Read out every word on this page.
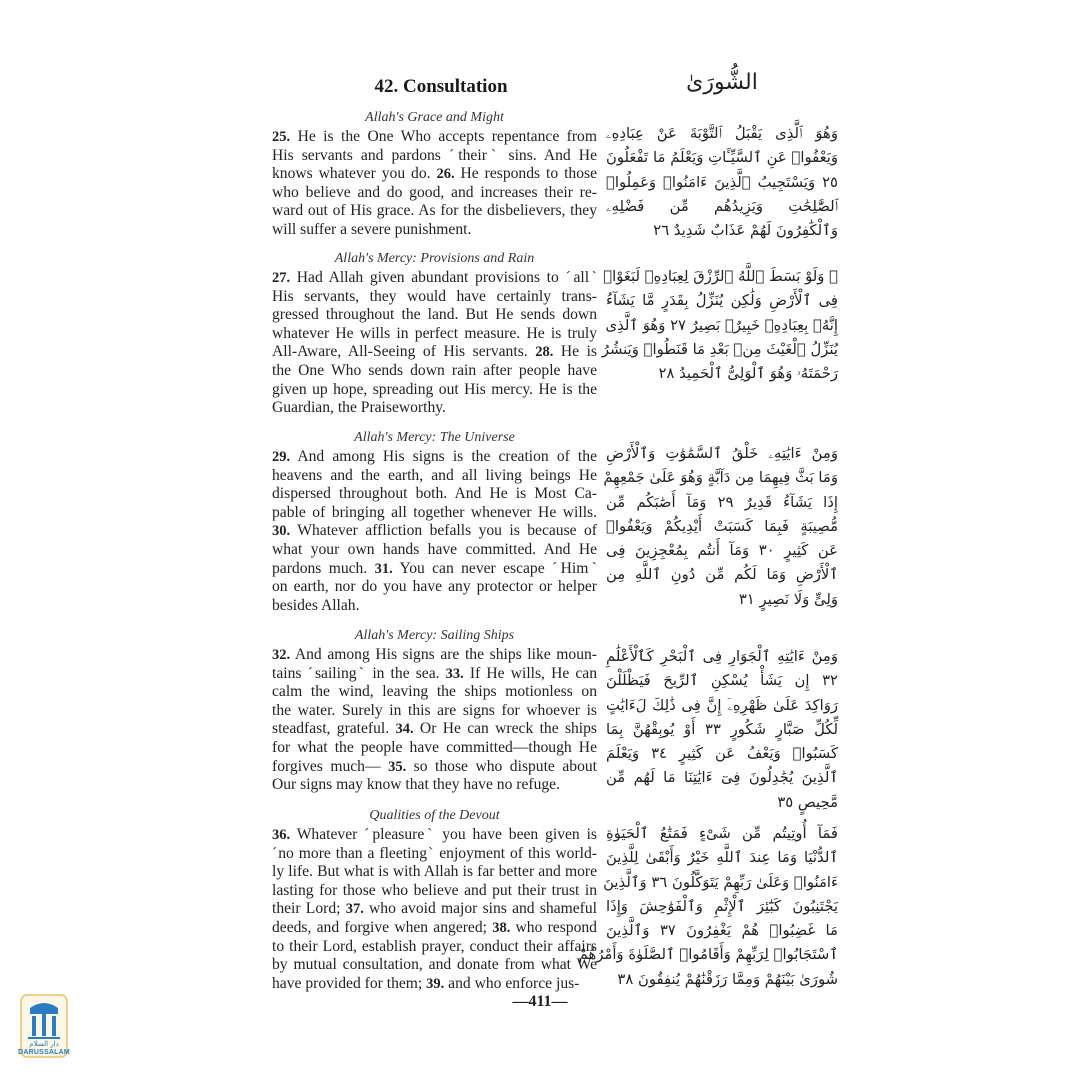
42. Consultation	الشُّورَىٰ
Allah's Grace and Might
25. He is the One Who accepts repentance from
His servants and pardons ˊtheirˋ sins. And He
knows whatever you do. 26. He responds to those
who believe and do good, and increases their re-
ward out of His grace. As for the disbelievers, they
will suffer a severe punishment.
Allah's Mercy: Provisions and Rain
27. Had Allah given abundant provisions to ˊallˋ
His servants, they would have certainly trans-
gressed throughout the land. But He sends down
whatever He wills in perfect measure. He is truly
All-Aware, All-Seeing of His servants. 28. He is
the One Who sends down rain after people have
given up hope, spreading out His mercy. He is the
Guardian, the Praiseworthy.
Allah's Mercy: The Universe
29. And among His signs is the creation of the
heavens and the earth, and all living beings He
dispersed throughout both. And He is Most Ca-
pable of bringing all together whenever He wills.
30. Whatever affliction befalls you is because of
what your own hands have committed. And He
pardons much. 31. You can never escape ˊHimˋ
on earth, nor do you have any protector or helper
besides Allah.
Allah's Mercy: Sailing Ships
32. And among His signs are the ships like moun-
tains ˊsailingˋ in the sea. 33. If He wills, He can
calm the wind, leaving the ships motionless on
the water. Surely in this are signs for whoever is
steadfast, grateful. 34. Or He can wreck the ships
for what the people have committed—though He
forgives much— 35. so those who dispute about
Our signs may know that they have no refuge.
Qualities of the Devout
36. Whatever ˊpleasureˋ you have been given is
ˊno more than a fleetingˋ enjoyment of this world-
ly life. But what is with Allah is far better and more
lasting for those who believe and put their trust in
their Lord; 37. who avoid major sins and shameful
deeds, and forgive when angered; 38. who respond
to their Lord, establish prayer, conduct their affairs
by mutual consultation, and donate from what We
have provided for them; 39. and who enforce jus-
وَهُوَ ٱلَّذِى يَقْبَلُ ٱلتَّوْبَةَ عَنْ عِبَادِهِۦ
وَيَعْفُوا۟ عَنِ ٱلسَّيِّـَٔاتِ وَيَعْلَمُ مَا تَفْعَلُونَ
٢٥ وَيَسْتَجِيبُ ٱلَّذِينَ ءَامَنُوا۟ وَعَمِلُوا۟
ٱلصَّٰلِحَٰتِ وَيَزِيدُهُم مِّن فَضْلِهِۦ
وَٱلْكَٰفِرُونَ لَهُمْ عَذَابٌ شَدِيدٌ ٢٦
۞ وَلَوْ بَسَطَ ٱللَّهُ ٱلرِّزْقَ لِعِبَادِهِۦ لَبَغَوْا۟
فِى ٱلْأَرْضِ وَلَٰكِن يُنَزِّلُ بِقَدَرٍ مَّا يَشَآءُ
إِنَّهُۥ بِعِبَادِهِۦ خَبِيرٌۢ بَصِيرٌ ٢٧ وَهُوَ ٱلَّذِى
يُنَزِّلُ ٱلْغَيْثَ مِنۢ بَعْدِ مَا قَنَطُوا۟ وَيَنشُرُ
رَحْمَتَهُۥ وَهُوَ ٱلْوَلِىُّ ٱلْحَمِيدُ ٢٨
وَمِنْ ءَايَٰتِهِۦ خَلْقُ ٱلسَّمَٰوَٰتِ وَٱلْأَرْضِ
وَمَا بَثَّ فِيهِمَا مِن دَآبَّةٍ وَهُوَ عَلَىٰ جَمْعِهِمْ
إِذَا يَشَآءُ قَدِيرٌ ٢٩ وَمَآ أَصَٰبَكُم مِّن
مُّصِيبَةٍ فَبِمَا كَسَبَتْ أَيْدِيكُمْ وَيَعْفُوا۟
عَن كَثِيرٍ ٣٠ وَمَآ أَنتُم بِمُعْجِزِينَ فِى
ٱلْأَرْضِ وَمَا لَكُم مِّن دُونِ ٱللَّهِ مِن
وَلِىٍّ وَلَا نَصِيرٍ ٣١
وَمِنْ ءَايَٰتِهِ ٱلْجَوَارِ فِى ٱلْبَحْرِ كَٱلْأَعْلَٰمِ
٣٢ إِن يَشَأْ يُسْكِنِ ٱلرِّيحَ فَيَظْلَلْنَ
رَوَاكِدَ عَلَىٰ ظَهْرِهِۦٓ إِنَّ فِى ذَٰلِكَ لَءَايَٰتٍ
لِّكُلِّ صَبَّارٍ شَكُورٍ ٣٣ أَوْ يُوبِقْهُنَّ بِمَا
كَسَبُوا۟ وَيَعْفُ عَن كَثِيرٍ ٣٤ وَيَعْلَمَ
ٱلَّذِينَ يُجَٰدِلُونَ فِىٓ ءَايَٰتِنَا مَا لَهُم مِّن
مَّحِيصٍ ٣٥
فَمَآ أُوتِيتُم مِّن شَىْءٍ فَمَتَٰعُ ٱلْحَيَوٰةِ
ٱلدُّنْيَا وَمَا عِندَ ٱللَّهِ خَيْرٌ وَأَبْقَىٰ لِلَّذِينَ
ءَامَنُوا۟ وَعَلَىٰ رَبِّهِمْ يَتَوَكَّلُونَ ٣٦ وَٱلَّذِينَ
يَجْتَنِبُونَ كَبَٰٓئِرَ ٱلْإِثْمِ وَٱلْفَوَٰحِشَ وَإِذَا
مَا غَضِبُوا۟ هُمْ يَغْفِرُونَ ٣٧ وَٱلَّذِينَ
ٱسْتَجَابُوا۟ لِرَبِّهِمْ وَأَقَامُوا۟ ٱلصَّلَوٰةَ وَأَمْرُهُمْ
شُورَىٰ بَيْنَهُمْ وَمِمَّا رَزَقْنَٰهُمْ يُنفِقُونَ ٣٨
—411—
دار السلام
DARUSSALAM
